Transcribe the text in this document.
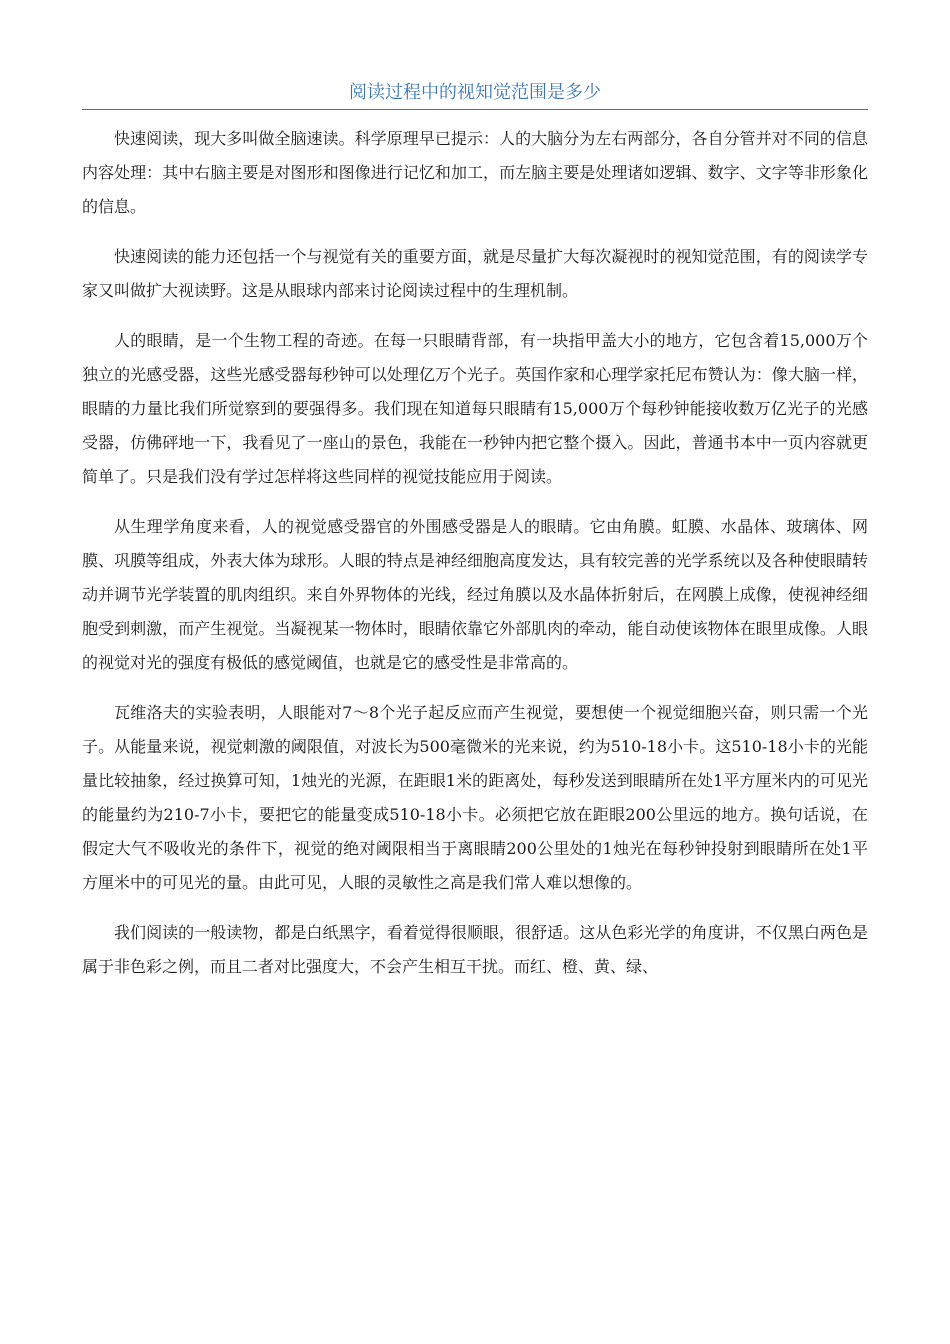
阅读过程中的视知觉范围是多少

快速阅读，现大多叫做全脑速读。科学原理早已提示：人的大脑分为左右两部分，各自分管并对不同的信息内容处理：其中右脑主要是对图形和图像进行记忆和加工，而左脑主要是处理诸如逻辑、数字、文字等非形象化的信息。

快速阅读的能力还包括一个与视觉有关的重要方面，就是尽量扩大每次凝视时的视知觉范围，有的阅读学专家又叫做扩大视读野。这是从眼球内部来讨论阅读过程中的生理机制。

人的眼睛，是一个生物工程的奇迹。在每一只眼睛背部，有一块指甲盖大小的地方，它包含着15,000万个独立的光感受器，这些光感受器每秒钟可以处理亿万个光子。英国作家和心理学家托尼布赞认为：像大脑一样，眼睛的力量比我们所觉察到的要强得多。我们现在知道每只眼睛有15,000万个每秒钟能接收数万亿光子的光感受器，仿佛砰地一下，我看见了一座山的景色，我能在一秒钟内把它整个摄入。因此，普通书本中一页内容就更简单了。只是我们没有学过怎样将这些同样的视觉技能应用于阅读。

从生理学角度来看，人的视觉感受器官的外围感受器是人的眼睛。它由角膜。虹膜、水晶体、玻璃体、网膜、巩膜等组成，外表大体为球形。人眼的特点是神经细胞高度发达，具有较完善的光学系统以及各种使眼睛转动并调节光学装置的肌肉组织。来自外界物体的光线，经过角膜以及水晶体折射后，在网膜上成像，使视神经细胞受到刺激，而产生视觉。当凝视某一物体时，眼睛依靠它外部肌肉的牵动，能自动使该物体在眼里成像。人眼的视觉对光的强度有极低的感觉阈值，也就是它的感受性是非常高的。

瓦维洛夫的实验表明，人眼能对7～8个光子起反应而产生视觉，要想使一个视觉细胞兴奋，则只需一个光子。从能量来说，视觉刺激的阈限值，对波长为500毫微米的光来说，约为510-18小卡。这510-18小卡的光能量比较抽象，经过换算可知，1烛光的光源，在距眼1米的距离处，每秒发送到眼睛所在处1平方厘米内的可见光的能量约为210-7小卡，要把它的能量变成510-18小卡。必须把它放在距眼200公里远的地方。换句话说，在假定大气不吸收光的条件下，视觉的绝对阈限相当于离眼睛200公里处的1烛光在每秒钟投射到眼睛所在处1平方厘米中的可见光的量。由此可见，人眼的灵敏性之高是我们常人难以想像的。

我们阅读的一般读物，都是白纸黑字，看着觉得很顺眼，很舒适。这从色彩光学的角度讲，不仅黑白两色是属于非色彩之例，而且二者对比强度大，不会产生相互干扰。而红、橙、黄、绿、
